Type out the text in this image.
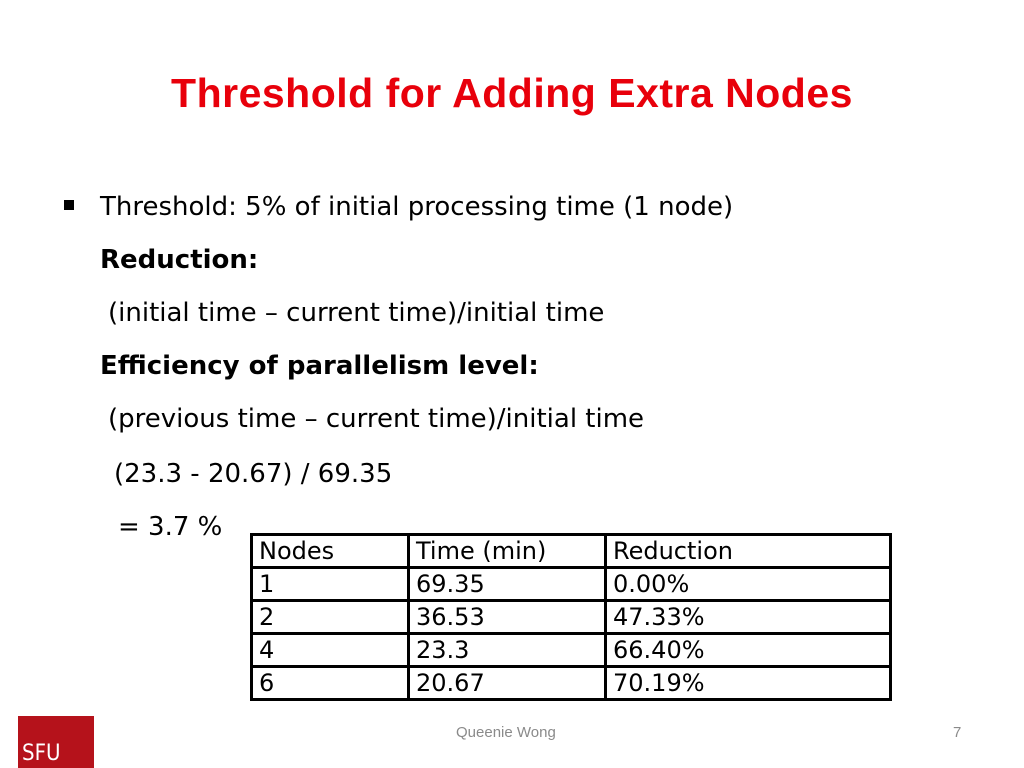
Threshold for Adding Extra Nodes
Threshold: 5% of initial processing time (1 node)
Reduction:
(initial time – current time)/initial time
Efficiency of parallelism level:
(previous time – current time)/initial time
(23.3 - 20.67) / 69.35
= 3.7 %
Nodes	Time (min)	Reduction
1	69.35	0.00%
2	36.53	47.33%
4	23.3	66.40%
6	20.67	70.19%
SFU
Queenie Wong	7
